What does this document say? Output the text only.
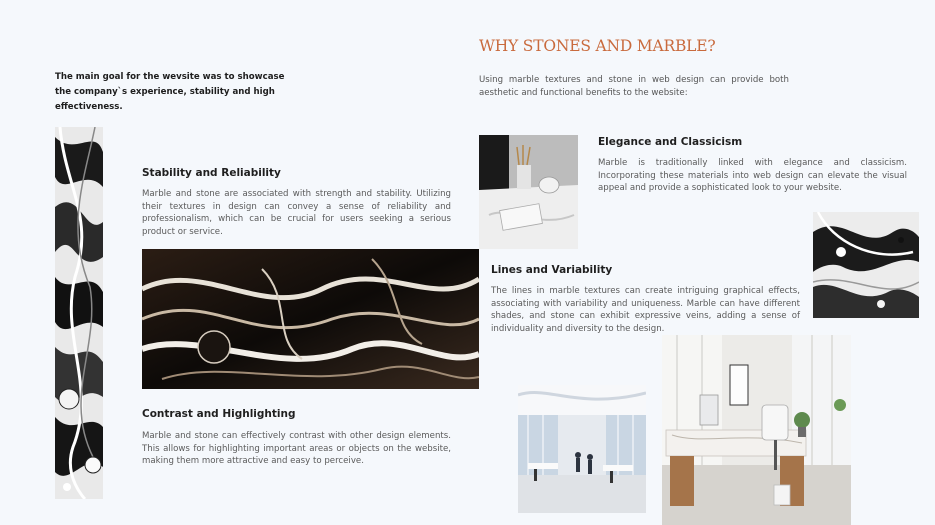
The main goal for the wevsite was to showcase the company`s experience, stability and high effectiveness.
WHY STONES AND MARBLE?
Using marble textures and stone in web design can provide both aesthetic and functional benefits to the website:
Stability and Reliability
Marble and stone are associated with strength and stability. Utilizing their textures in design can convey a sense of reliability and professionalism, which can be crucial for users seeking a serious product or service.
Contrast and Highlighting
Marble and stone can effectively contrast with other design elements. This allows for highlighting important areas or objects on the website, making them more attractive and easy to perceive.
Elegance and Classicism
Marble is traditionally linked with elegance and classicism. Incorporating these materials into web design can elevate the visual appeal and provide a sophisticated look to your website.
Lines and Variability
The lines in marble textures can create intriguing graphical effects, associating with variability and uniqueness. Marble can have different shades, and stone can exhibit expressive veins, adding a sense of individuality and diversity to the design.
